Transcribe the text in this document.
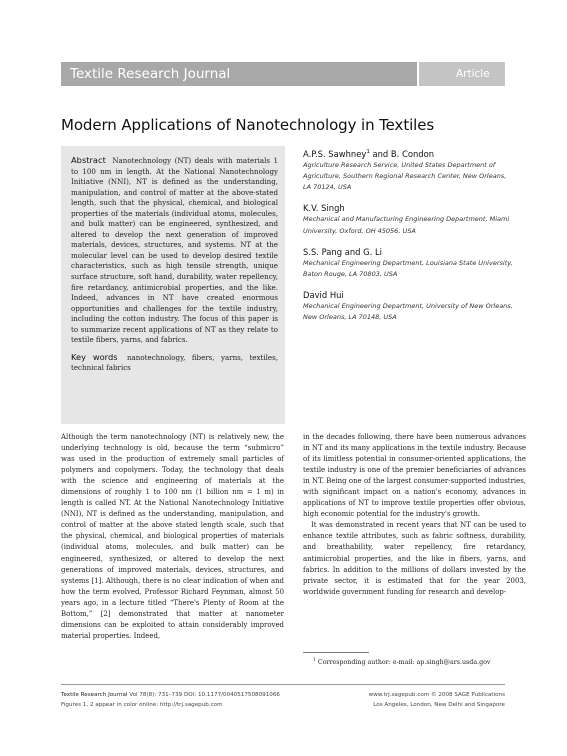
Textile Research Journal	Article
Modern Applications of Nanotechnology in Textiles
Abstract Nanotechnology (NT) deals with materials 1 to 100 nm in length. At the National Nanotechnology Initiative (NNI), NT is defined as the understanding, manipulation, and control of matter at the above-stated length, such that the physical, chemical, and biological properties of the materials (individual atoms, molecules, and bulk matter) can be engineered, synthesized, and altered to develop the next generation of improved materials, devices, structures, and systems. NT at the molecular level can be used to develop desired textile characteristics, such as high tensile strength, unique surface structure, soft hand, durability, water repellency, fire retardancy, antimicrobial properties, and the like. Indeed, advances in NT have created enormous opportunities and challenges for the textile industry, including the cotton industry. The focus of this paper is to summarize recent applications of NT as they relate to textile fibers, yarns, and fabrics.
Key words nanotechnology, fibers, yarns, textiles, technical fabrics
A.P.S. Sawhney$^1$ and B. Condon
Agriculture Research Service, United States Department of Agriculture, Southern Regional Research Center, New Orleans, LA 70124, USA
K.V. Singh
Mechanical and Manufacturing Engineering Department, Miami University, Oxford, OH 45056, USA
S.S. Pang and G. Li
Mechanical Engineering Department, Louisiana State University, Baton Rouge, LA 70803, USA
David Hui
Mechanical Engineering Department, University of New Orleans, New Orleans, LA 70148, USA

Although the term nanotechnology (NT) is relatively new, the underlying technology is old, because the term “submicro” was used in the production of extremely small particles of polymers and copolymers. Today, the technology that deals with the science and engineering of materials at the dimensions of roughly 1 to 100 nm (1 billion nm = 1 m) in length is called NT. At the National Nanotechnology Initiative (NNI), NT is defined as the understanding, manipulation, and control of matter at the above stated length scale, such that the physical, chemical, and biological properties of materials (individual atoms, molecules, and bulk matter) can be engineered, synthesized, or altered to develop the next generations of improved materials, devices, structures, and systems [1]. Although, there is no clear indication of when and how the term evolved, Professor Richard Feynman, almost 50 years ago, in a lecture titled “There's Plenty of Room at the Bottom,” [2] demonstrated that matter at nanometer dimensions can be exploited to attain considerably improved material properties. Indeed,

in the decades following, there have been numerous advances in NT and its many applications in the textile industry. Because of its limitless potential in consumer-oriented applications, the textile industry is one of the premier beneficiaries of advances in NT. Being one of the largest consumer-supported industries, with significant impact on a nation's economy, advances in applications of NT to improve textile properties offer obvious, high economic potential for the industry's growth.

It was demonstrated in recent years that NT can be used to enhance textile attributes, such as fabric softness, durability, and breathability, water repellency, fire retardancy, antimicrobial properties, and the like in fibers, yarns, and fabrics. In addition to the millions of dollars invested by the private sector, it is estimated that for the year 2003, worldwide government funding for research and develop-

$^1$ Corresponding author: e-mail: ap.singh@ars.usda.gov
Textile Research Journal Vol 78(8): 731–739 DOI: 10.1177/0040517508091066
Figures 1, 2 appear in color online: http://trj.sagepub.com
www.trj.sagepub.com © 2008 SAGE Publications
Los Angeles, London, New Delhi and Singapore
